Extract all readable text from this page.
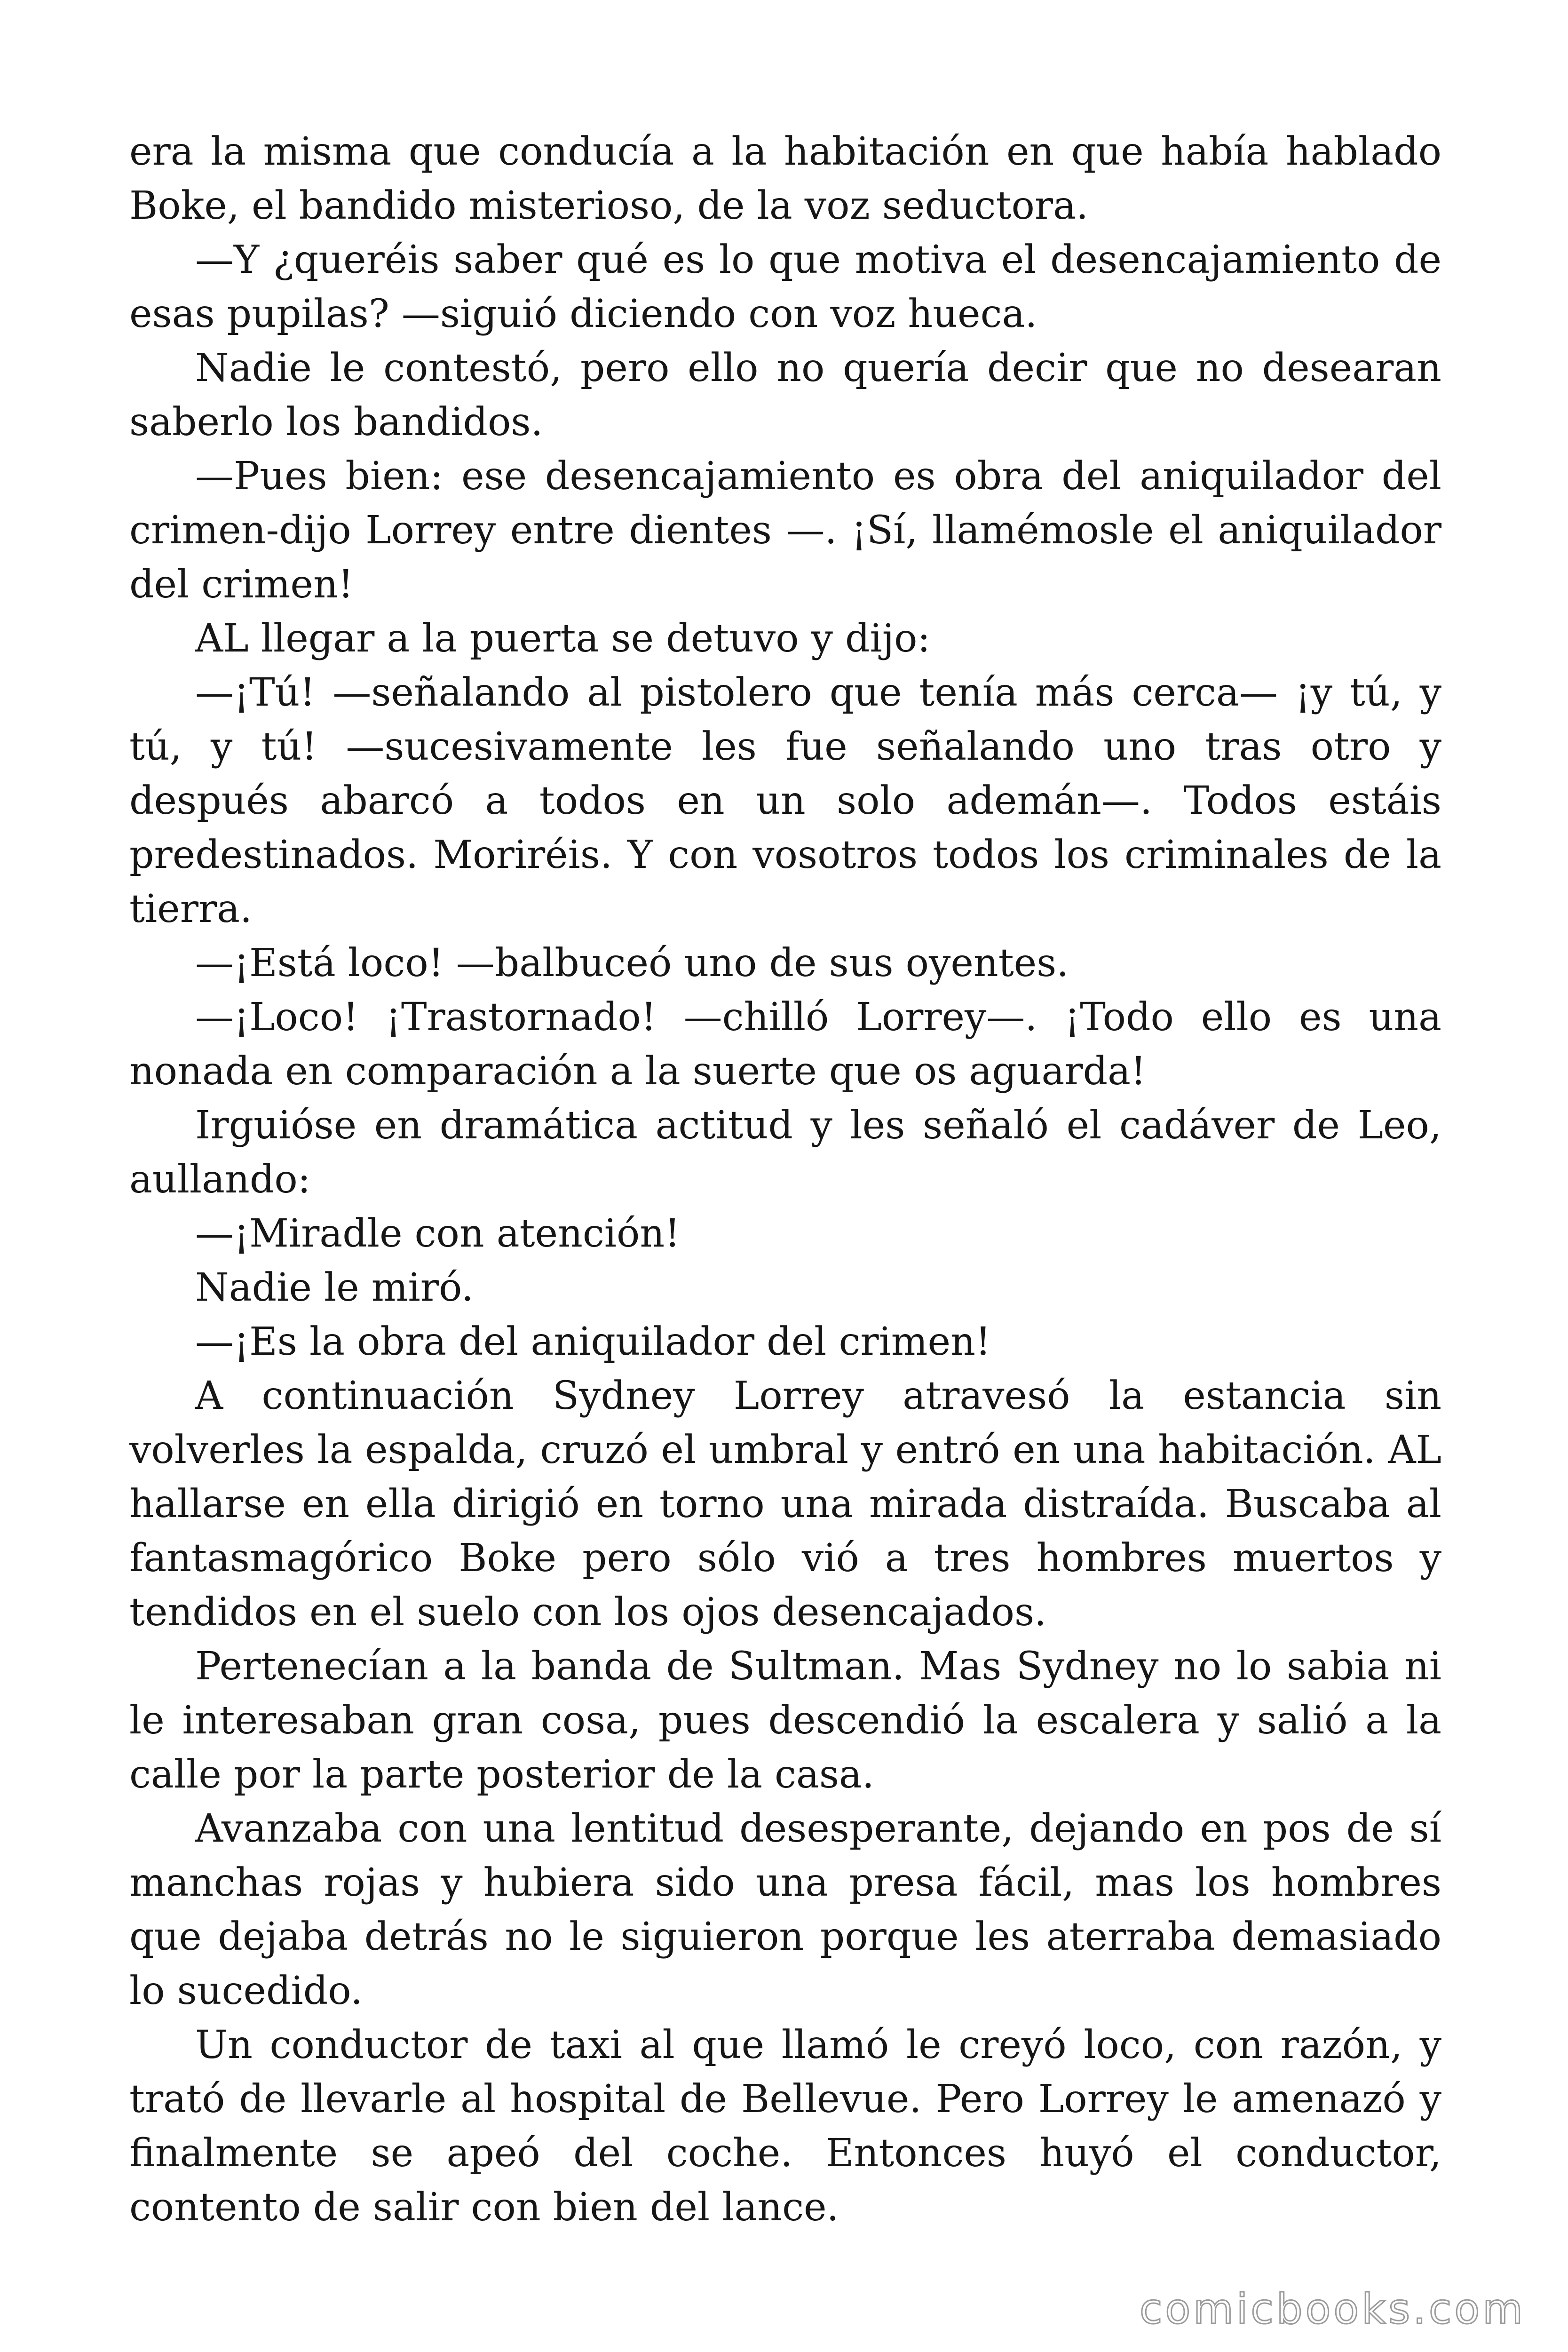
era la misma que conducía a la habitación en que había hablado Boke, el bandido misterioso, de la voz seductora.

—Y ¿queréis saber qué es lo que motiva el desencajamiento de esas pupilas? —siguió diciendo con voz hueca.

Nadie le contestó, pero ello no quería decir que no desearan saberlo los bandidos.

—Pues bien: ese desencajamiento es obra del aniquilador del crimen-dijo Lorrey entre dientes —. ¡Sí, llamémosle el aniquilador del crimen!

AL llegar a la puerta se detuvo y dijo:

—¡Tú! —señalando al pistolero que tenía más cerca— ¡y tú, y tú, y tú! —sucesivamente les fue señalando uno tras otro y después abarcó a todos en un solo ademán—. Todos estáis predestinados. Moriréis. Y con vosotros todos los criminales de la tierra.

—¡Está loco! —balbuceó uno de sus oyentes.

—¡Loco! ¡Trastornado! —chilló Lorrey—. ¡Todo ello es una nonada en comparación a la suerte que os aguarda!

Irguióse en dramática actitud y les señaló el cadáver de Leo, aullando:

—¡Miradle con atención!

Nadie le miró.

—¡Es la obra del aniquilador del crimen!

A continuación Sydney Lorrey atravesó la estancia sin volverles la espalda, cruzó el umbral y entró en una habitación. AL hallarse en ella dirigió en torno una mirada distraída. Buscaba al fantasmagórico Boke pero sólo vió a tres hombres muertos y tendidos en el suelo con los ojos desencajados.

Pertenecían a la banda de Sultman. Mas Sydney no lo sabia ni le interesaban gran cosa, pues descendió la escalera y salió a la calle por la parte posterior de la casa.

Avanzaba con una lentitud desesperante, dejando en pos de sí manchas rojas y hubiera sido una presa fácil, mas los hombres que dejaba detrás no le siguieron porque les aterraba demasiado lo sucedido.

Un conductor de taxi al que llamó le creyó loco, con razón, y trató de llevarle al hospital de Bellevue. Pero Lorrey le amenazó y finalmente se apeó del coche. Entonces huyó el conductor, contento de salir con bien del lance.

comicbooks.com
